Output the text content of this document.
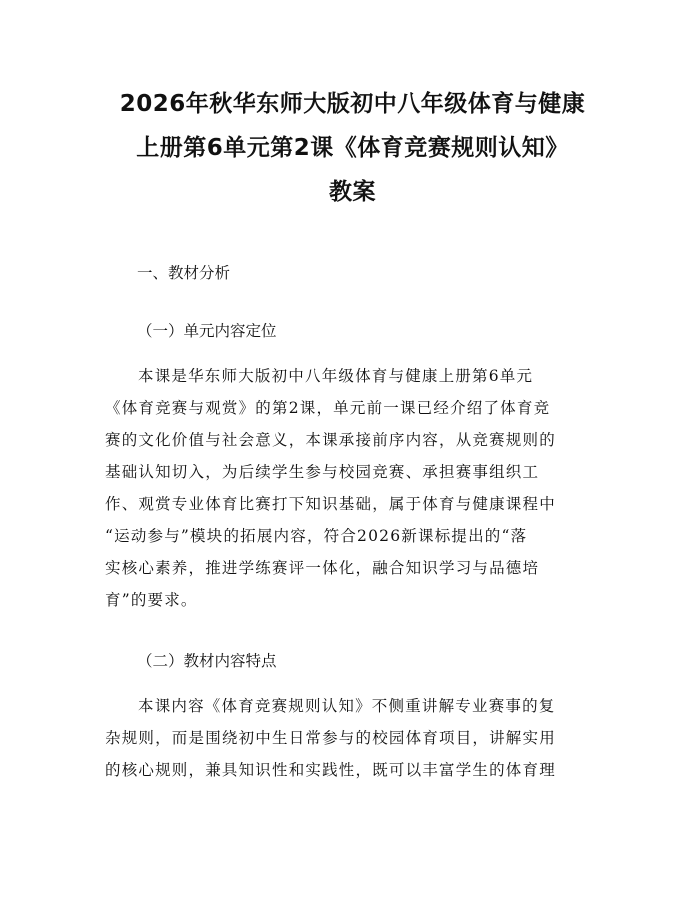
2026年秋华东师大版初中八年级体育与健康
上册第6单元第2课《体育竞赛规则认知》
教案
一、教材分析
（一）单元内容定位
本课是华东师大版初中八年级体育与健康上册第6单元
《体育竞赛与观赏》的第2课，单元前一课已经介绍了体育竞
赛的文化价值与社会意义，本课承接前序内容，从竞赛规则的
基础认知切入，为后续学生参与校园竞赛、承担赛事组织工
作、观赏专业体育比赛打下知识基础，属于体育与健康课程中
“运动参与”模块的拓展内容，符合2026新课标提出的“落
实核心素养，推进学练赛评一体化，融合知识学习与品德培
育”的要求。
（二）教材内容特点
本课内容《体育竞赛规则认知》不侧重讲解专业赛事的复
杂规则，而是围绕初中生日常参与的校园体育项目，讲解实用
的核心规则，兼具知识性和实践性，既可以丰富学生的体育理
